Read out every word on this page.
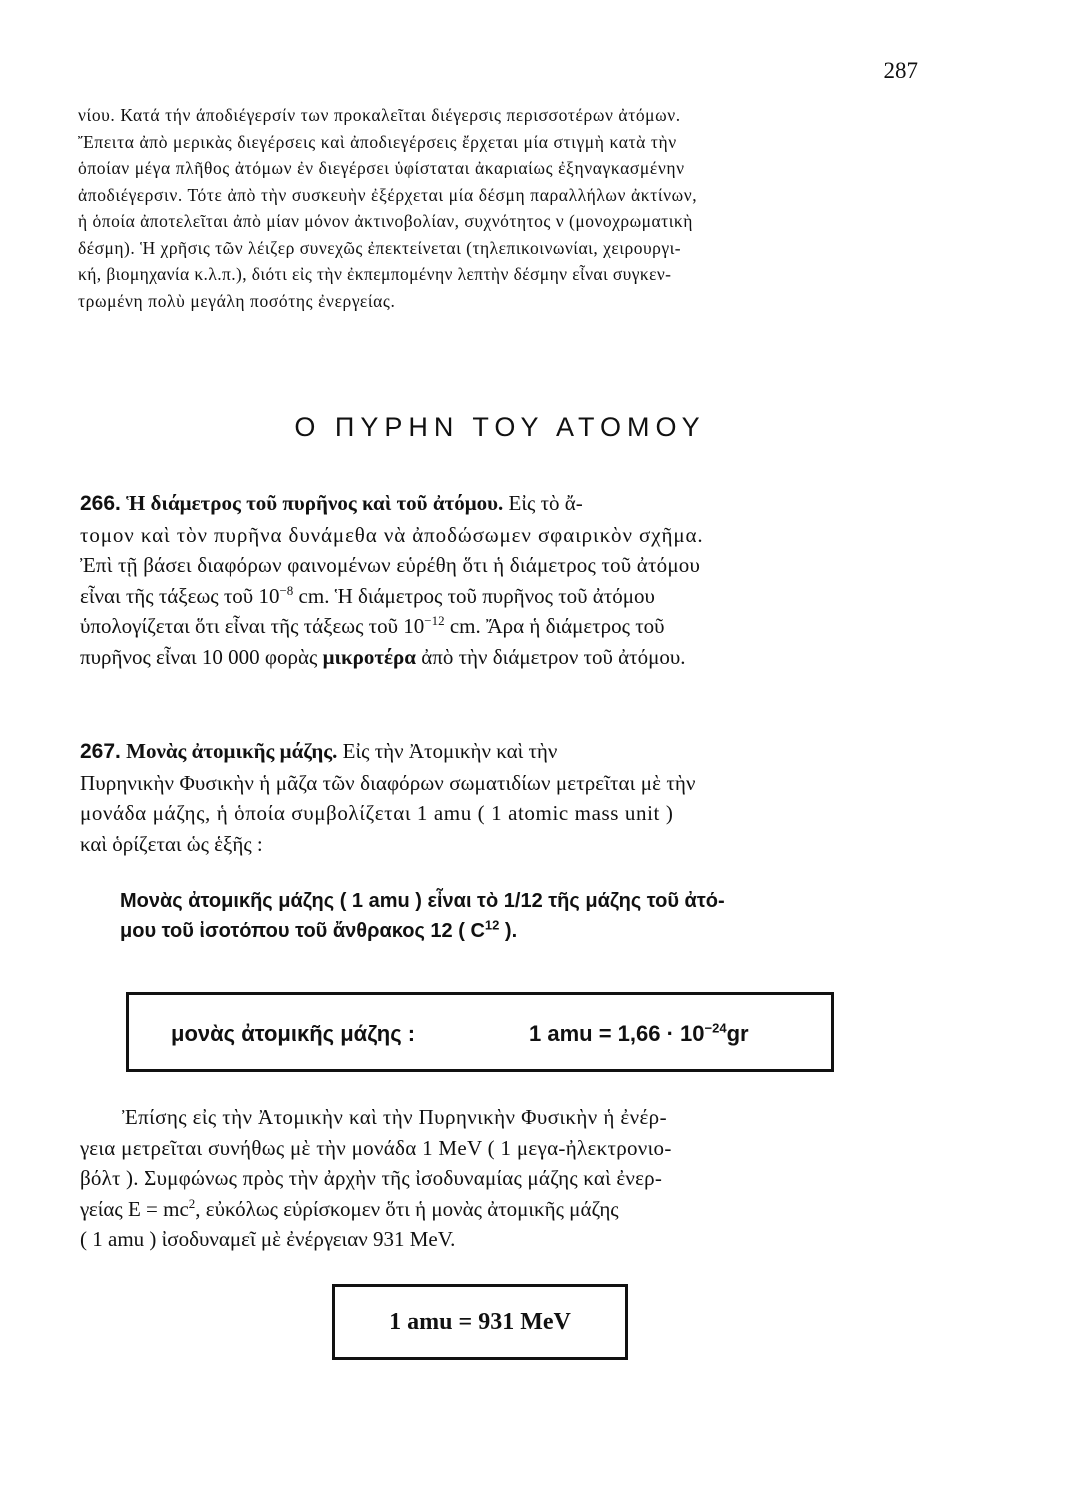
287

νίου. Κατά τήν άποδιέγερσίν των προκαλεῖται διέγερσις περισσοτέρων ἀτόμων.

Ἔπειτα ἀπὸ μερικὰς διεγέρσεις καὶ ἀποδιεγέρσεις ἔρχεται μία στιγμὴ κατὰ τὴν

ὁποίαν μέγα πλῆθος ἀτόμων ἐν διεγέρσει ὑφίσταται ἀκαριαίως ἐξηναγκασμένην

ἀποδιέγερσιν. Τότε ἀπὸ τὴν συσκευὴν ἐξέρχεται μία δέσμη παραλλήλων ἀκτίνων,

ἡ ὁποία ἀποτελεῖται ἀπὸ μίαν μόνον ἀκτινοβολίαν, συχνότητος ν (μονοχρωματικὴ

δέσμη). Ἡ χρῆσις τῶν λέιζερ συνεχῶς ἐπεκτείνεται (τηλεπικοινωνίαι, χειρουργι-

κή, βιομηχανία κ.λ.π.), διότι εἰς τὴν ἐκπεμπομένην λεπτὴν δέσμην εἶναι συγκεν-

τρωμένη πολὺ μεγάλη ποσότης ἐνεργείας.

Ο ΠΥΡΗΝ ΤΟΥ ΑΤΟΜΟΥ

266. Ἡ διάμετρος τοῦ πυρῆνος καὶ τοῦ ἀτόμου. Εἰς τὸ ἄ-

τομον καὶ τὸν πυρῆνα δυνάμεθα νὰ ἀποδώσωμεν σφαιρικὸν σχῆμα.

Ἐπὶ τῇ βάσει διαφόρων φαινομένων εὑρέθη ὅτι ἡ διάμετρος τοῦ ἀτόμου

εἶναι τῆς τάξεως τοῦ $10^{-8}$ cm. Ἡ διάμετρος τοῦ πυρῆνος τοῦ ἀτόμου

ὑπολογίζεται ὅτι εἶναι τῆς τάξεως τοῦ $10^{-12}$ cm. Ἄρα ἡ διάμετρος τοῦ

πυρῆνος εἶναι 10 000 φορὰς μικροτέρα ἀπὸ τὴν διάμετρον τοῦ ἀτόμου.

267. Μονὰς ἀτομικῆς μάζης. Εἰς τὴν Ἀτομικὴν καὶ τὴν

Πυρηνικὴν Φυσικὴν ἡ μᾶζα τῶν διαφόρων σωματιδίων μετρεῖται μὲ τὴν

μονάδα μάζης, ἡ ὁποία συμβολίζεται 1 amu ( 1 atomic mass unit )

καὶ ὁρίζεται ὡς ἑξῆς :

Μονὰς ἀτομικῆς μάζης ( 1 amu ) εἶναι τὸ 1/12 τῆς μάζης τοῦ ἀτό-

μου τοῦ ἰσοτόπου τοῦ ἄνθρακος 12 ( $C^{12}$ ).

μονὰς ἀτομικῆς μάζης :	1 amu = $1,66 \cdot 10^{-24}gr$

Ἐπίσης εἰς τὴν Ἀτομικὴν καὶ τὴν Πυρηνικὴν Φυσικὴν ἡ ἐνέρ-

γεια μετρεῖται συνήθως μὲ τὴν μονάδα 1 MeV ( 1 μεγα-ἠλεκτρονιο-

βόλτ ). Συμφώνως πρὸς τὴν ἀρχὴν τῆς ἰσοδυναμίας μάζης καὶ ἐνερ-

γείας $E = mc^2$, εὐκόλως εὑρίσκομεν ὅτι ἡ μονὰς ἀτομικῆς μάζης

( 1 amu ) ἰσοδυναμεῖ μὲ ἐνέργειαν 931 MeV.

1 amu = 931 MeV
